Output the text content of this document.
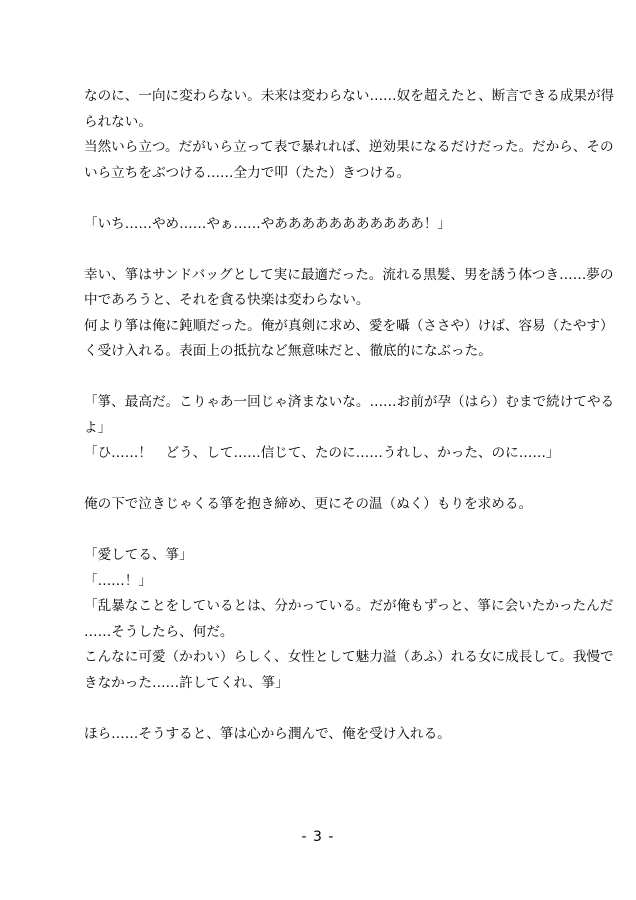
なのに、一向に変わらない。未来は変わらない……奴を超えたと、断言できる成果が得
られない。
当然いら立つ。だがいら立って表で暴れれば、逆効果になるだけだった。だから、その
いら立ちをぶつける……全力で叩（たた）きつける。
「いち……やめ……やぁ……やあああああああああああ！」
幸い、箏はサンドバッグとして実に最適だった。流れる黒髪、男を誘う体つき……夢の
中であろうと、それを貪る快楽は変わらない。
何より箏は俺に鈍順だった。俺が真剣に求め、愛を囁（ささや）けば、容易（たやす）
く受け入れる。表面上の抵抗など無意味だと、徹底的になぶった。
「箏、最高だ。こりゃあ一回じゃ済まないな。……お前が孕（はら）むまで続けてやる
よ」
「ひ……！　どう、して……信じて、たのに……うれし、かった、のに……」
俺の下で泣きじゃくる箏を抱き締め、更にその温（ぬく）もりを求める。
「愛してる、箏」
「……！」
「乱暴なことをしているとは、分かっている。だが俺もずっと、箏に会いたかったんだ
……そうしたら、何だ。
こんなに可愛（かわい）らしく、女性として魅力溢（あふ）れる女に成長して。我慢で
きなかった……許してくれ、箏」
ほら……そうすると、箏は心から潤んで、俺を受け入れる。
- 3 -
